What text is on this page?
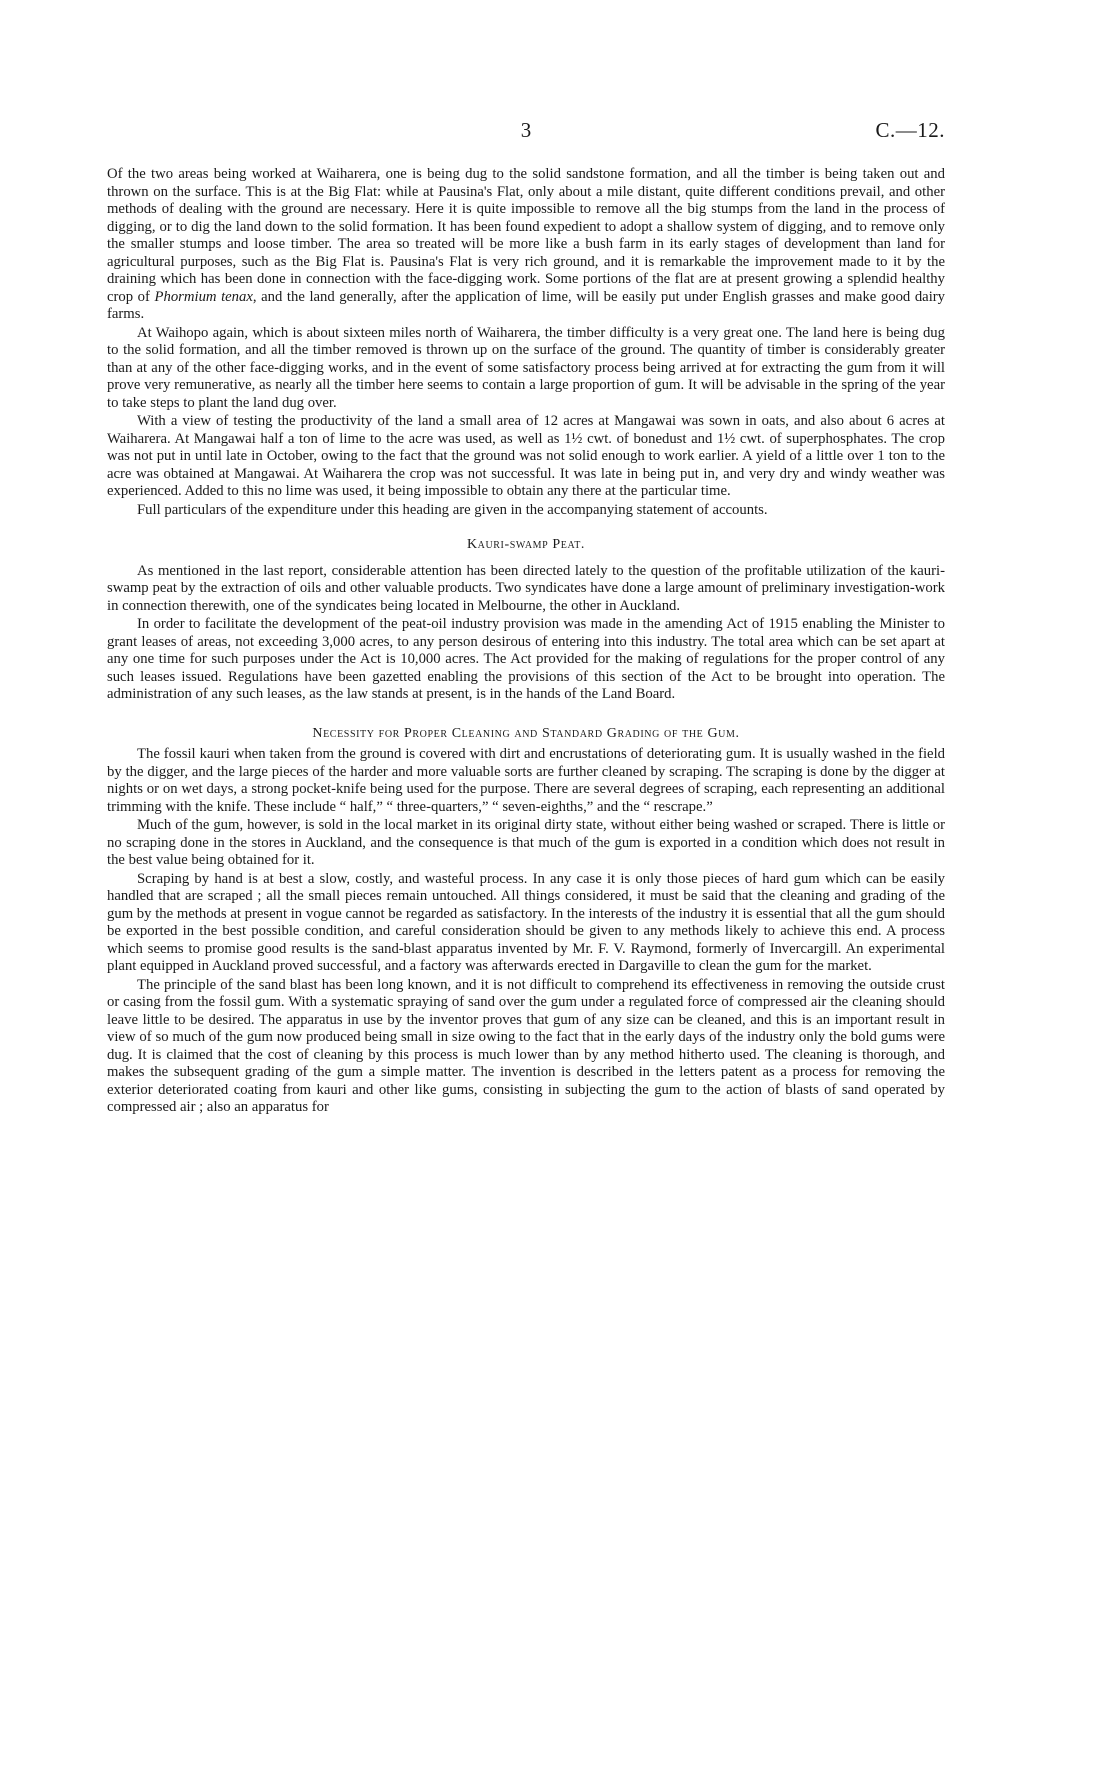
3	C.—12.

Of the two areas being worked at Waiharera, one is being dug to the solid sandstone formation, and all the timber is being taken out and thrown on the surface. This is at the Big Flat: while at Pausina's Flat, only about a mile distant, quite different conditions prevail, and other methods of dealing with the ground are necessary. Here it is quite impossible to remove all the big stumps from the land in the process of digging, or to dig the land down to the solid formation. It has been found expedient to adopt a shallow system of digging, and to remove only the smaller stumps and loose timber. The area so treated will be more like a bush farm in its early stages of development than land for agricultural purposes, such as the Big Flat is. Pausina's Flat is very rich ground, and it is remarkable the improvement made to it by the draining which has been done in connection with the face-digging work. Some portions of the flat are at present growing a splendid healthy crop of Phormium tenax, and the land generally, after the application of lime, will be easily put under English grasses and make good dairy farms.

At Waihopo again, which is about sixteen miles north of Waiharera, the timber difficulty is a very great one. The land here is being dug to the solid formation, and all the timber removed is thrown up on the surface of the ground. The quantity of timber is considerably greater than at any of the other face-digging works, and in the event of some satisfactory process being arrived at for extracting the gum from it will prove very remunerative, as nearly all the timber here seems to contain a large proportion of gum. It will be advisable in the spring of the year to take steps to plant the land dug over.

With a view of testing the productivity of the land a small area of 12 acres at Mangawai was sown in oats, and also about 6 acres at Waiharera. At Mangawai half a ton of lime to the acre was used, as well as 1½ cwt. of bonedust and 1½ cwt. of superphosphates. The crop was not put in until late in October, owing to the fact that the ground was not solid enough to work earlier. A yield of a little over 1 ton to the acre was obtained at Mangawai. At Waiharera the crop was not successful. It was late in being put in, and very dry and windy weather was experienced. Added to this no lime was used, it being impossible to obtain any there at the particular time.

Full particulars of the expenditure under this heading are given in the accompanying statement of accounts.

Kauri-swamp Peat.

As mentioned in the last report, considerable attention has been directed lately to the question of the profitable utilization of the kauri-swamp peat by the extraction of oils and other valuable products. Two syndicates have done a large amount of preliminary investigation-work in connection therewith, one of the syndicates being located in Melbourne, the other in Auckland.

In order to facilitate the development of the peat-oil industry provision was made in the amending Act of 1915 enabling the Minister to grant leases of areas, not exceeding 3,000 acres, to any person desirous of entering into this industry. The total area which can be set apart at any one time for such purposes under the Act is 10,000 acres. The Act provided for the making of regulations for the proper control of any such leases issued. Regulations have been gazetted enabling the provisions of this section of the Act to be brought into operation. The administration of any such leases, as the law stands at present, is in the hands of the Land Board.

Necessity for Proper Cleaning and Standard Grading of the Gum.

The fossil kauri when taken from the ground is covered with dirt and encrustations of deteriorating gum. It is usually washed in the field by the digger, and the large pieces of the harder and more valuable sorts are further cleaned by scraping. The scraping is done by the digger at nights or on wet days, a strong pocket-knife being used for the purpose. There are several degrees of scraping, each representing an additional trimming with the knife. These include “ half,” “ three-quarters,” “ seven-eighths,” and the “ rescrape.”

Much of the gum, however, is sold in the local market in its original dirty state, without either being washed or scraped. There is little or no scraping done in the stores in Auckland, and the consequence is that much of the gum is exported in a condition which does not result in the best value being obtained for it.

Scraping by hand is at best a slow, costly, and wasteful process. In any case it is only those pieces of hard gum which can be easily handled that are scraped ; all the small pieces remain untouched. All things considered, it must be said that the cleaning and grading of the gum by the methods at present in vogue cannot be regarded as satisfactory. In the interests of the industry it is essential that all the gum should be exported in the best possible condition, and careful consideration should be given to any methods likely to achieve this end. A process which seems to promise good results is the sand-blast apparatus invented by Mr. F. V. Raymond, formerly of Invercargill. An experimental plant equipped in Auckland proved successful, and a factory was afterwards erected in Dargaville to clean the gum for the market.

The principle of the sand blast has been long known, and it is not difficult to comprehend its effectiveness in removing the outside crust or casing from the fossil gum. With a systematic spraying of sand over the gum under a regulated force of compressed air the cleaning should leave little to be desired. The apparatus in use by the inventor proves that gum of any size can be cleaned, and this is an important result in view of so much of the gum now produced being small in size owing to the fact that in the early days of the industry only the bold gums were dug. It is claimed that the cost of cleaning by this process is much lower than by any method hitherto used. The cleaning is thorough, and makes the subsequent grading of the gum a simple matter. The invention is described in the letters patent as a process for removing the exterior deteriorated coating from kauri and other like gums, consisting in subjecting the gum to the action of blasts of sand operated by compressed air ; also an apparatus for
